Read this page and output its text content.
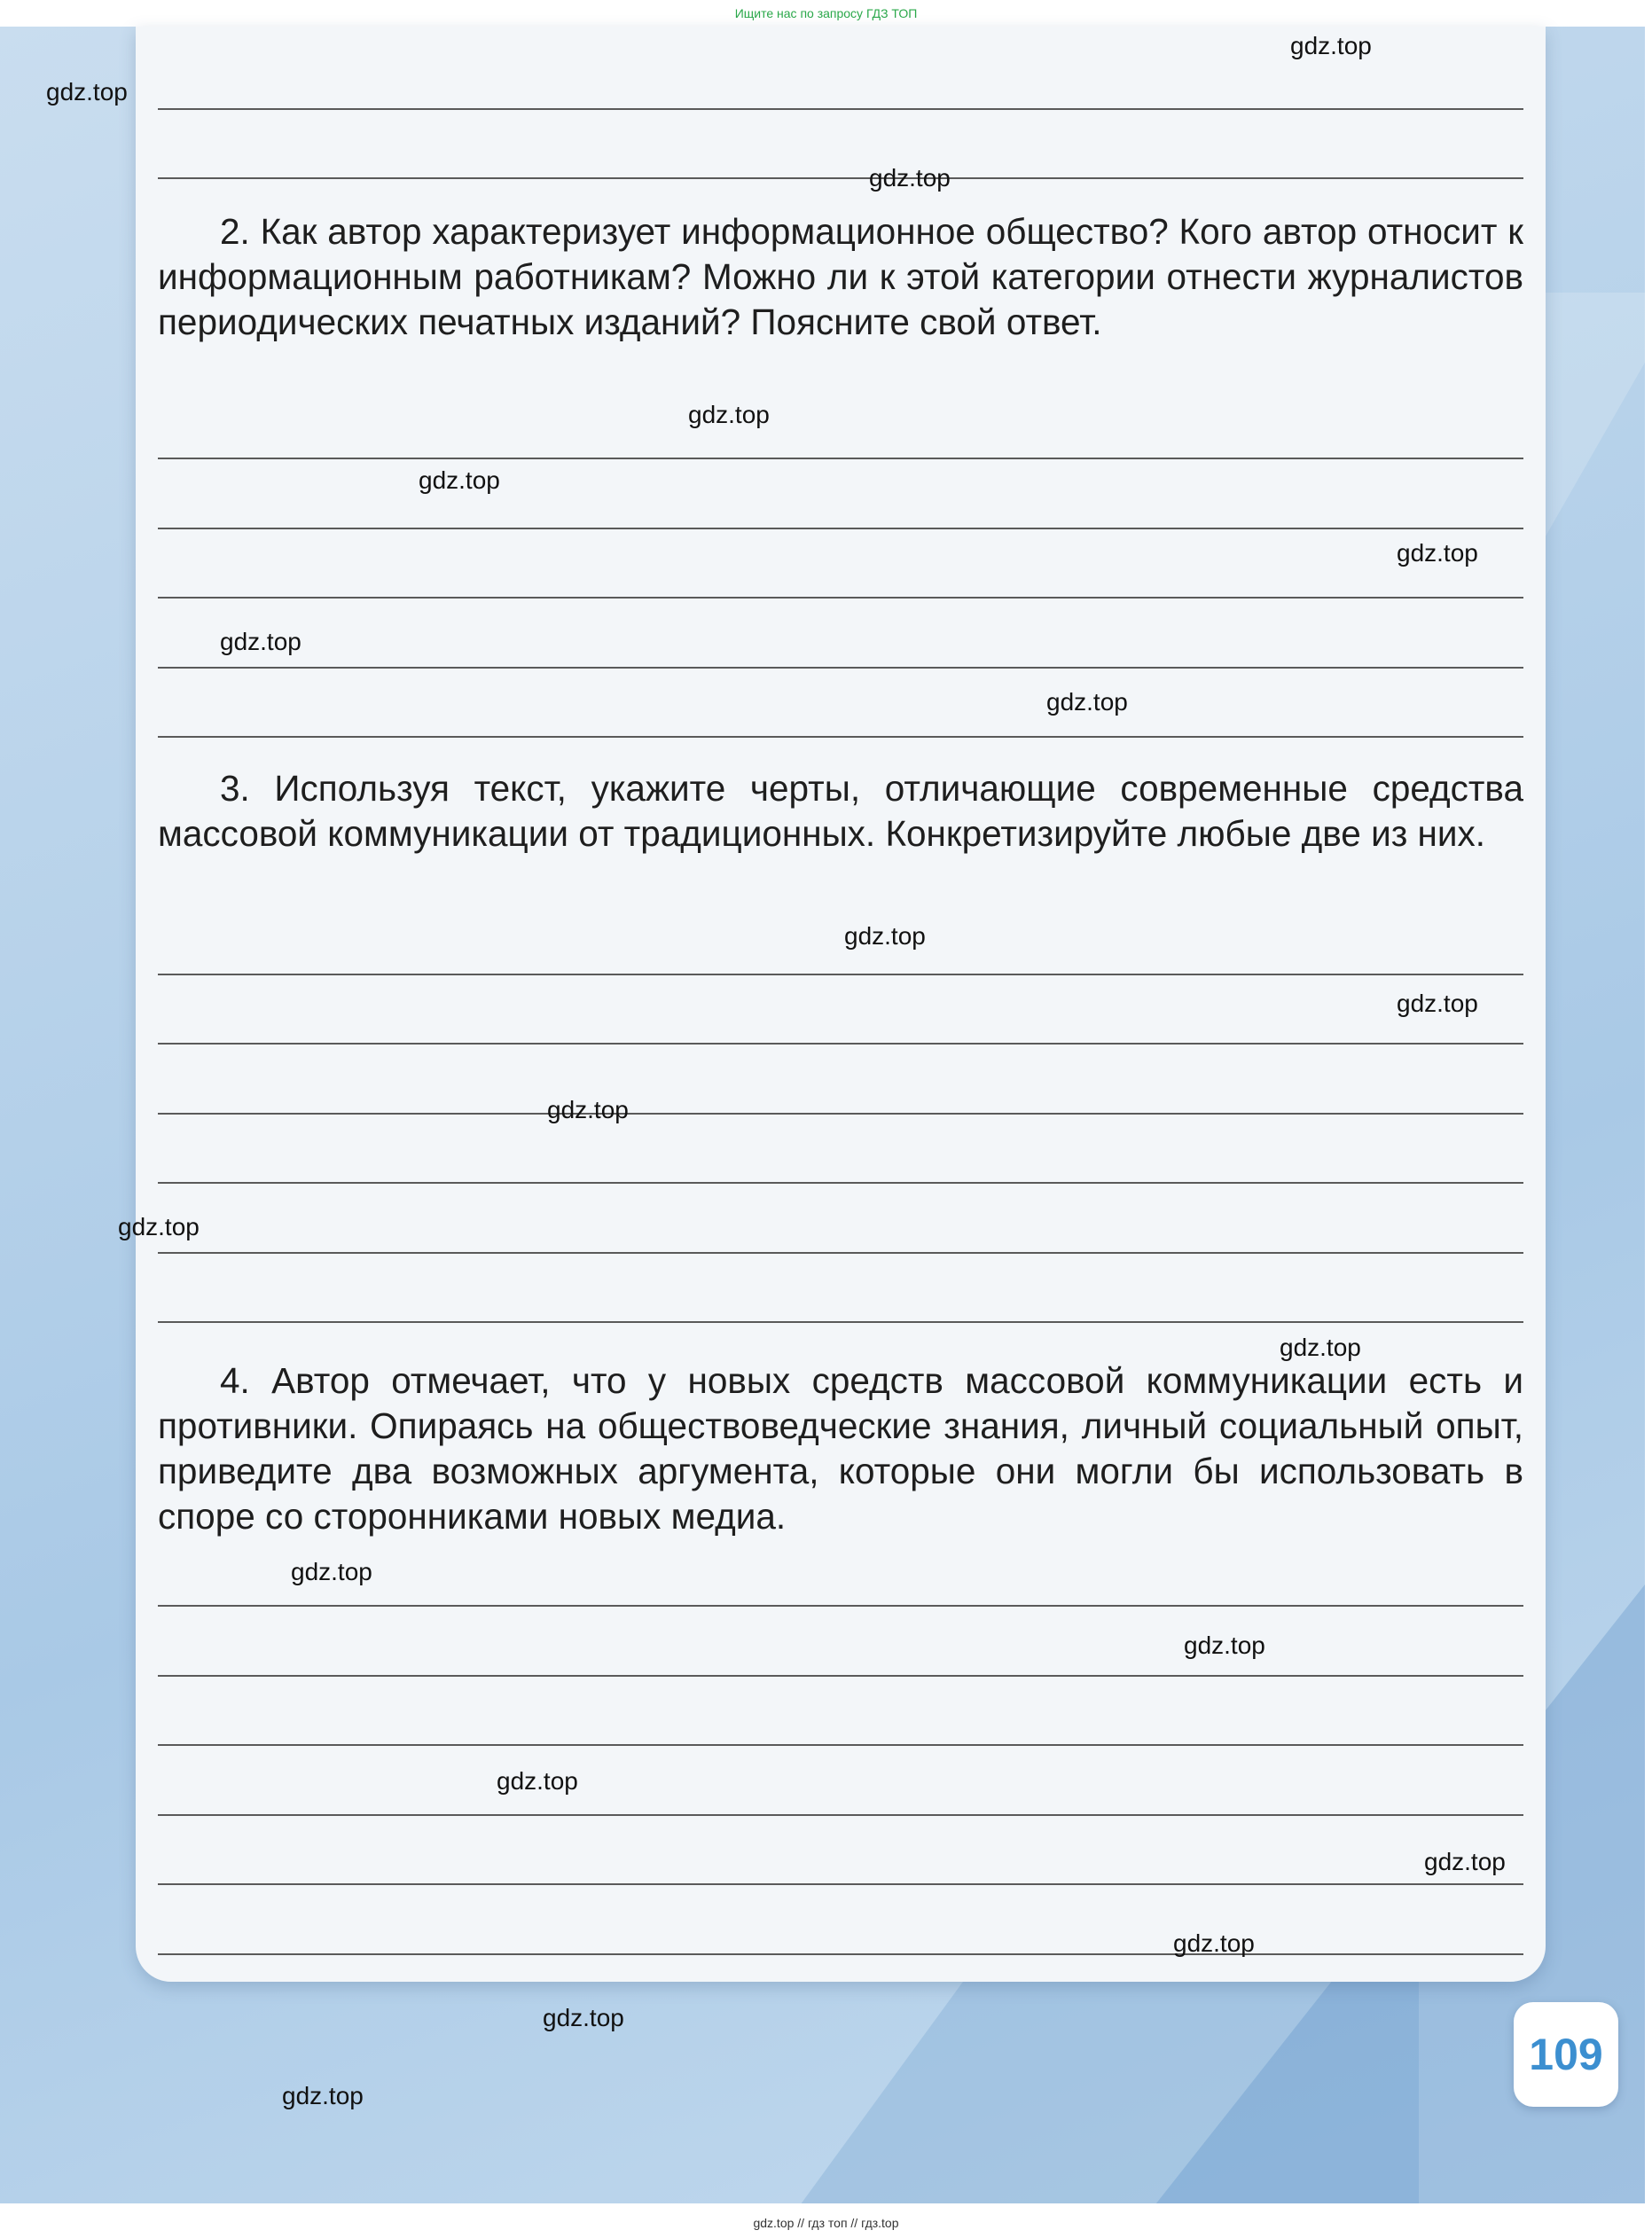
Ищите нас по запросу ГДЗ ТОП

2. Как автор характеризует информационное общество? Кого автор относит к информационным работникам? Можно ли к этой категории отнести журналистов периодических печатных изданий? Поясните свой ответ.

3. Используя текст, укажите черты, отличающие современные средства массовой коммуникации от традиционных. Конкретизируйте любые две из них.

4. Автор отмечает, что у новых средств массовой коммуникации есть и противники. Опираясь на обществоведческие знания, личный социальный опыт, приведите два возможных аргумента, которые они могли бы использовать в споре со сторонниками новых медиа.

gdz.top
gdz.top
gdz.top
gdz.top
gdz.top
gdz.top
gdz.top
gdz.top
gdz.top
gdz.top
gdz.top
gdz.top
gdz.top
gdz.top
gdz.top
gdz.top
gdz.top
gdz.top
gdz.top
gdz.top
109
gdz.top // гдз топ // гдз.top
